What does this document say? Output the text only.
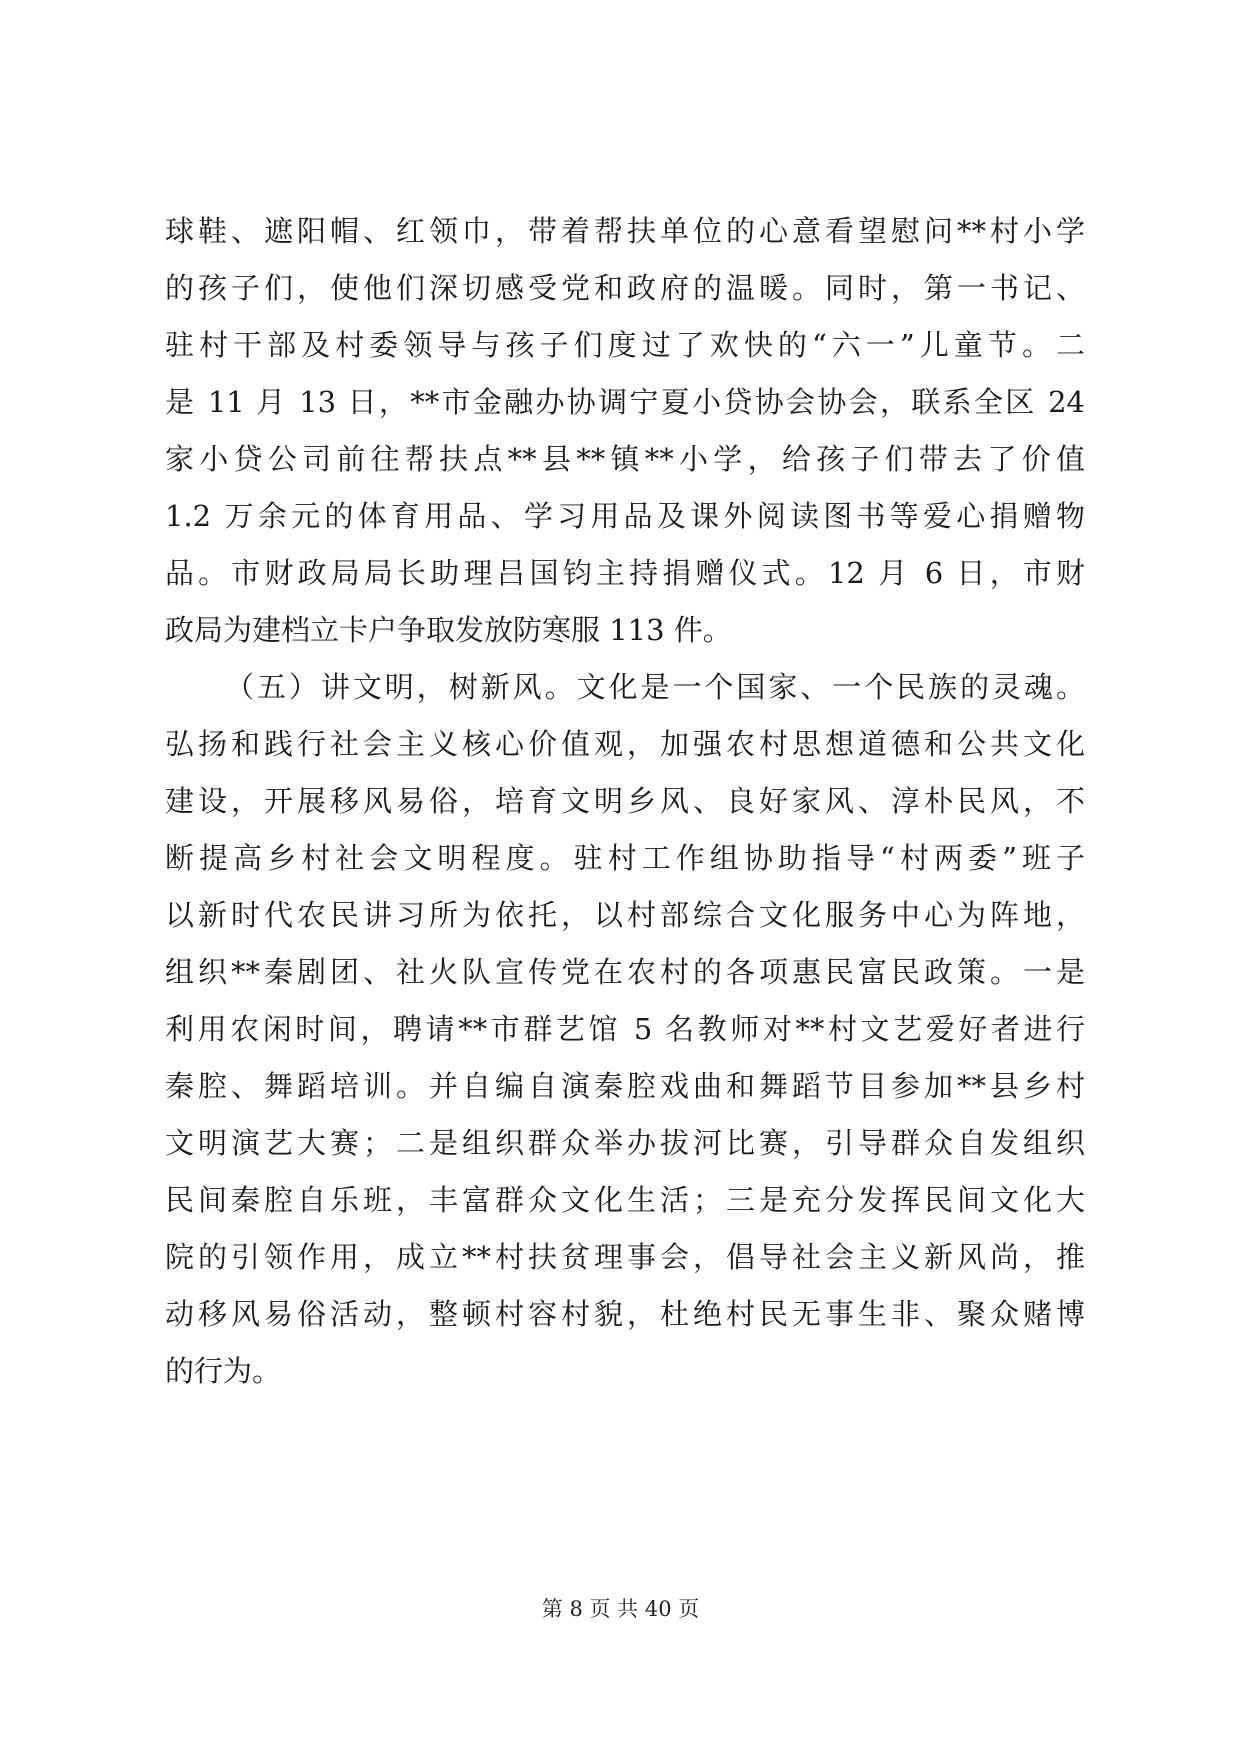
球鞋、遮阳帽、红领巾，带着帮扶单位的心意看望慰问**村小学
的孩子们，使他们深切感受党和政府的温暖。同时，第一书记、
驻村干部及村委领导与孩子们度过了欢快的“六一”儿童节。二
是 11 月 13 日，**市金融办协调宁夏小贷协会协会，联系全区 24
家小贷公司前往帮扶点**县**镇**小学，给孩子们带去了价值
1.2 万余元的体育用品、学习用品及课外阅读图书等爱心捐赠物
品。市财政局局长助理吕国钧主持捐赠仪式。12 月 6 日，市财
政局为建档立卡户争取发放防寒服 113 件。
（五）讲文明，树新风。文化是一个国家、一个民族的灵魂。
弘扬和践行社会主义核心价值观，加强农村思想道德和公共文化
建设，开展移风易俗，培育文明乡风、良好家风、淳朴民风，不
断提高乡村社会文明程度。驻村工作组协助指导“村两委”班子
以新时代农民讲习所为依托，以村部综合文化服务中心为阵地，
组织**秦剧团、社火队宣传党在农村的各项惠民富民政策。一是
利用农闲时间，聘请**市群艺馆 5 名教师对**村文艺爱好者进行
秦腔、舞蹈培训。并自编自演秦腔戏曲和舞蹈节目参加**县乡村
文明演艺大赛；二是组织群众举办拔河比赛，引导群众自发组织
民间秦腔自乐班，丰富群众文化生活；三是充分发挥民间文化大
院的引领作用，成立**村扶贫理事会，倡导社会主义新风尚，推
动移风易俗活动，整顿村容村貌，杜绝村民无事生非、聚众赌博
的行为。
第 8 页 共 40 页
